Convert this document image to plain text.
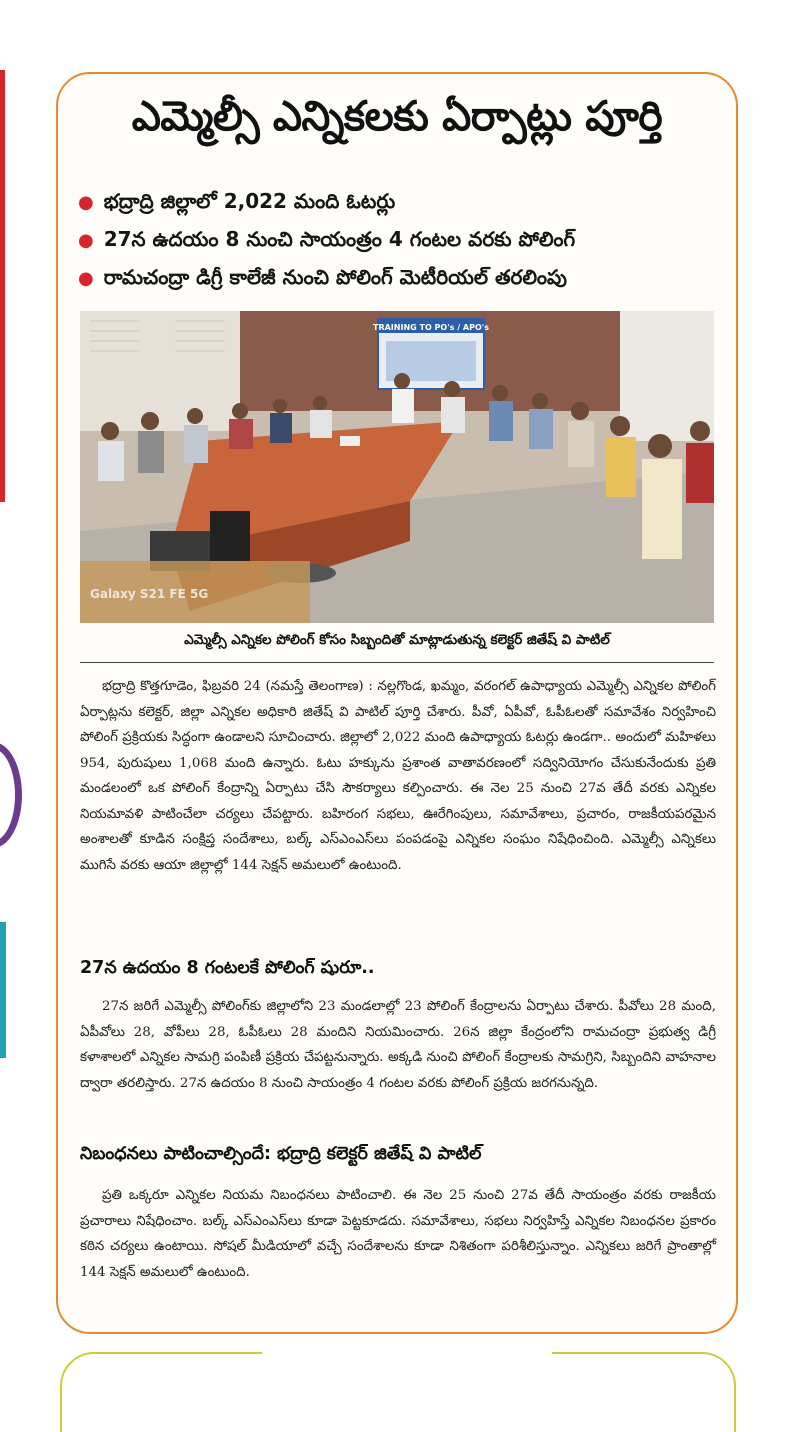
ఎమ్మెల్సీ ఎన్నికలకు ఏర్పాట్లు పూర్తి
● భద్రాద్రి జిల్లాలో 2,022 మంది ఓటర్లు
● 27న ఉదయం 8 నుంచి సాయంత్రం 4 గంటల వరకు పోలింగ్
● రామచంద్రా డిగ్రీ కాలేజీ నుంచి పోలింగ్ మెటీరియల్ తరలింపు
TRAINING TO PO's / APO's
Galaxy S21 FE 5G
ఎమ్మెల్సీ ఎన్నికల పోలింగ్ కోసం సిబ్బందితో మాట్లాడుతున్న కలెక్టర్ జితేష్ వి పాటిల్

భద్రాద్రి కొత్తగూడెం, ఫిబ్రవరి 24 (నమస్తే తెలంగాణ) : నల్లగొండ, ఖమ్మం, వరంగల్ ఉపాధ్యాయ ఎమ్మెల్సీ ఎన్నికల పోలింగ్ ఏర్పాట్లను కలెక్టర్, జిల్లా ఎన్నికల అధికారి జితేష్ వి పాటిల్ పూర్తి చేశారు. పీవో, ఏపీవో, ఓపీఓలతో సమావేశం నిర్వహించి పోలింగ్ ప్రక్రియకు సిద్ధంగా ఉండాలని సూచించారు. జిల్లాలో 2,022 మంది ఉపాధ్యాయ ఓటర్లు ఉండగా.. అందులో మహిళలు 954, పురుషులు 1,068 మంది ఉన్నారు. ఓటు హక్కును ప్రశాంత వాతావరణంలో సద్వినియోగం చేసుకునేందుకు ప్రతి మండలంలో ఒక పోలింగ్ కేంద్రాన్ని ఏర్పాటు చేసి సౌకర్యాలు కల్పించారు. ఈ నెల 25 నుంచి 27వ తేదీ వరకు ఎన్నికల నియమావళి పాటించేలా చర్యలు చేపట్టారు. బహిరంగ సభలు, ఊరేగింపులు, సమావేశాలు, ప్రచారం, రాజకీయపరమైన అంశాలతో కూడిన సంక్షిప్త సందేశాలు, బల్క్ ఎస్ఎంఎస్‌లు పంపడంపై ఎన్నికల సంఘం నిషేధించింది. ఎమ్మెల్సీ ఎన్నికలు ముగిసే వరకు ఆయా జిల్లాల్లో 144 సెక్షన్ అమలులో ఉంటుంది.

27న ఉదయం 8 గంటలకే పోలింగ్ షురూ..

27న జరిగే ఎమ్మెల్సీ పోలింగ్‌కు జిల్లాలోని 23 మండలాల్లో 23 పోలింగ్ కేంద్రాలను ఏర్పాటు చేశారు. పీవోలు 28 మంది, ఏపీవోలు 28, వోపీలు 28, ఓపీఓలు 28 మందిని నియమించారు. 26న జిల్లా కేంద్రంలోని రామచంద్రా ప్రభుత్వ డిగ్రీ కళాశాలలో ఎన్నికల సామగ్రి పంపిణీ ప్రక్రియ చేపట్టనున్నారు. అక్కడి నుంచి పోలింగ్ కేంద్రాలకు సామగ్రిని, సిబ్బందిని వాహనాల ద్వారా తరలిస్తారు. 27న ఉదయం 8 నుంచి సాయంత్రం 4 గంటల వరకు పోలింగ్ ప్రక్రియ జరగనున్నది.

నిబంధనలు పాటించాల్సిందే: భద్రాద్రి కలెక్టర్ జితేష్ వి పాటిల్

ప్రతి ఒక్కరూ ఎన్నికల నియమ నిబంధనలు పాటించాలి. ఈ నెల 25 నుంచి 27వ తేదీ సాయంత్రం వరకు రాజకీయ ప్రచారాలు నిషేధించాం. బల్క్ ఎస్ఎంఎస్‌లు కూడా పెట్టకూడదు. సమావేశాలు, సభలు నిర్వహిస్తే ఎన్నికల నిబంధనల ప్రకారం కఠిన చర్యలు ఉంటాయి. సోషల్ మీడియాలో వచ్చే సందేశాలను కూడా నిశితంగా పరిశీలిస్తున్నాం. ఎన్నికలు జరిగే ప్రాంతాల్లో 144 సెక్షన్ అమలులో ఉంటుంది.
